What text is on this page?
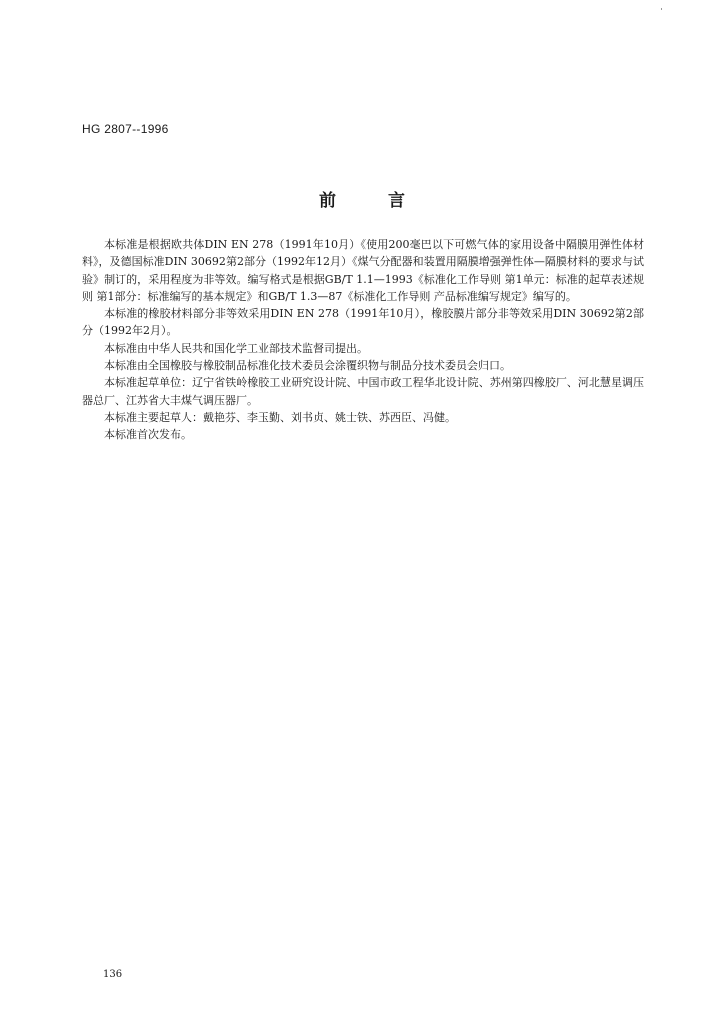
HG 2807--1996

前言

本标准是根据欧共体DIN EN 278（1991年10月）《使用200毫巴以下可燃气体的家用设备中隔膜用弹性体材料》，及德国标准DIN 30692第2部分（1992年12月）《煤气分配器和装置用隔膜增强弹性体—隔膜材料的要求与试验》制订的，采用程度为非等效。编写格式是根据GB/T 1.1—1993《标准化工作导则 第1单元：标准的起草表述规则 第1部分：标准编写的基本规定》和GB/T 1.3—87《标准化工作导则 产品标准编写规定》编写的。

本标准的橡胶材料部分非等效采用DIN EN 278（1991年10月），橡胶膜片部分非等效采用DIN 30692第2部分（1992年2月）。

本标准由中华人民共和国化学工业部技术监督司提出。

本标准由全国橡胶与橡胶制品标准化技术委员会涂覆织物与制品分技术委员会归口。

本标准起草单位：辽宁省铁岭橡胶工业研究设计院、中国市政工程华北设计院、苏州第四橡胶厂、河北慧星调压器总厂、江苏省大丰煤气调压器厂。

本标准主要起草人：戴艳芬、李玉勤、刘书贞、姚士铁、苏西臣、冯健。

本标准首次发布。

136
